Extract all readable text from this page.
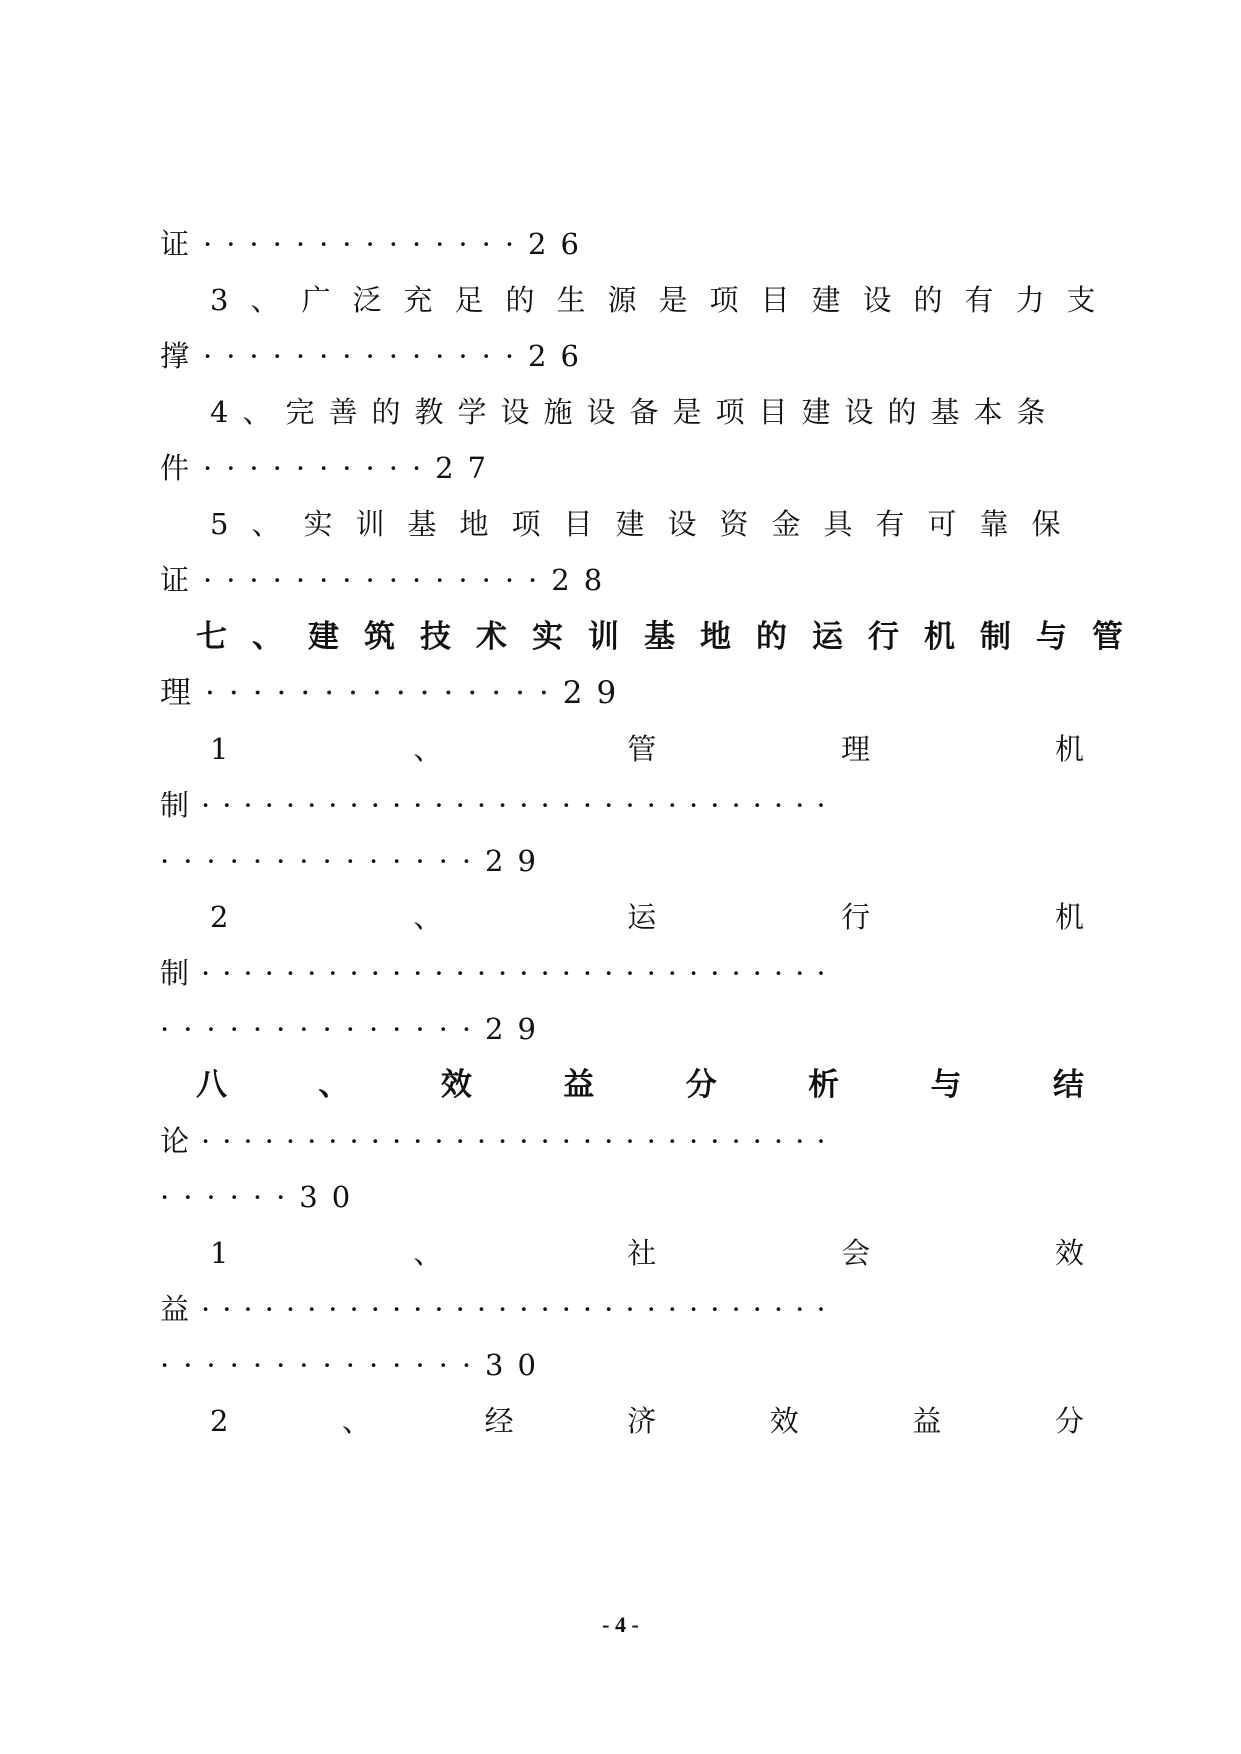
证··············26
3、广泛充足的生源是项目建设的有力支
撑··············26
4、完善的教学设施设备是项目建设的基本条
件··········27
5、实训基地项目建设资金具有可靠保
证···············28
七、建筑技术实训基地的运行机制与管
理···············29
1	、	管	理	机
制······························
··············29
2	、	运	行	机
制······························
··············29
八	、	效	益	分	析	与	结
论······························
······30
1	、	社	会	效
益······························
··············30
2	、	经	济	效	益	分
- 4 -
